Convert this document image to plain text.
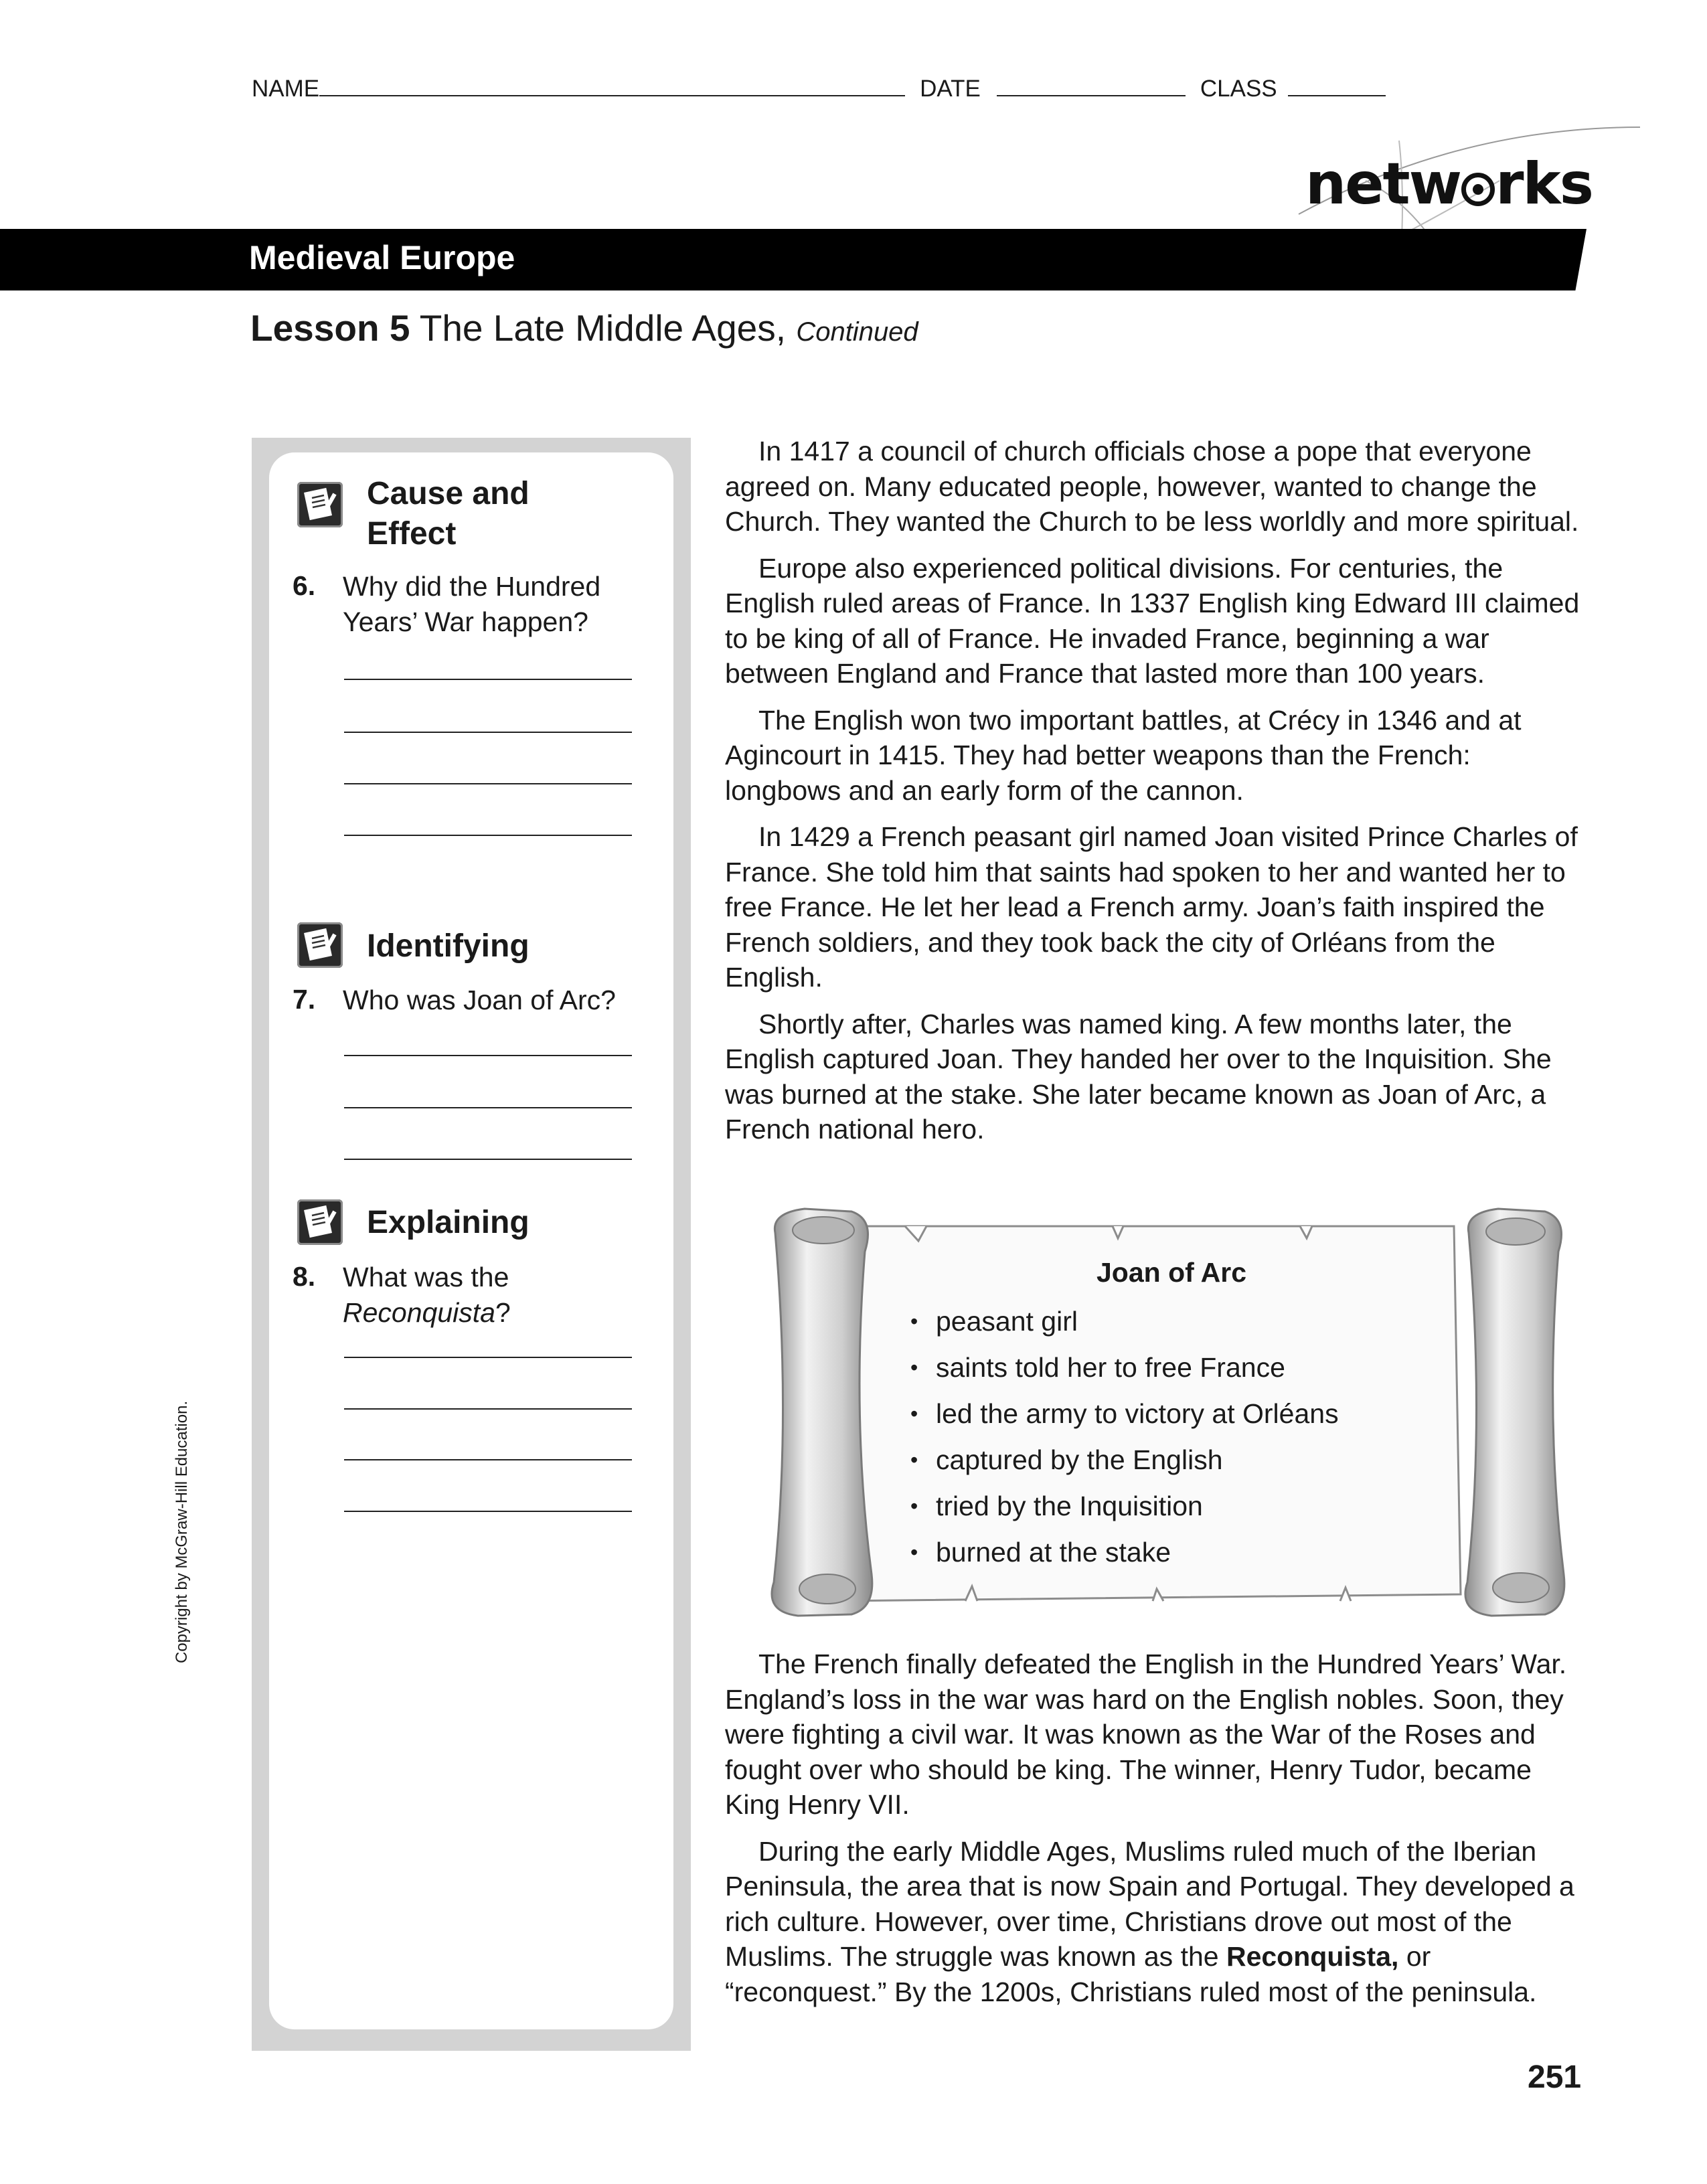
NAME	DATE	CLASS
netw rks
Medieval Europe
Lesson 5 The Late Middle Ages, Continued
Cause and
Effect
6. Why did the Hundred
Years’ War happen?
Identifying
7. Who was Joan of Arc?
Explaining
8. What was the
Reconquista?

In 1417 a council of church officials chose a pope that everyone agreed on. Many educated people, however, wanted to change the Church. They wanted the Church to be less worldly and more spiritual.

Europe also experienced political divisions. For centuries, the English ruled areas of France. In 1337 English king Edward III claimed to be king of all of France. He invaded France, beginning a war between England and France that lasted more than 100 years.

The English won two important battles, at Crécy in 1346 and at Agincourt in 1415. They had better weapons than the French: longbows and an early form of the cannon.

In 1429 a French peasant girl named Joan visited Prince Charles of France. She told him that saints had spoken to her and wanted her to free France. He let her lead a French army. Joan’s faith inspired the French soldiers, and they took back the city of Orléans from the English.

Shortly after, Charles was named king. A few months later, the English captured Joan. They handed her over to the Inquisition. She was burned at the stake. She later became known as Joan of Arc, a French national hero.

Joan of Arc
• peasant girl
• saints told her to free France
• led the army to victory at Orléans
• captured by the English
• tried by the Inquisition
• burned at the stake

The French finally defeated the English in the Hundred Years’ War. England’s loss in the war was hard on the English nobles. Soon, they were fighting a civil war. It was known as the War of the Roses and fought over who should be king. The winner, Henry Tudor, became King Henry VII.

During the early Middle Ages, Muslims ruled much of the Iberian Peninsula, the area that is now Spain and Portugal. They developed a rich culture. However, over time, Christians drove out most of the Muslims. The struggle was known as the Reconquista, or “reconquest.” By the 1200s, Christians ruled most of the peninsula.

Copyright by McGraw-Hill Education.
251
